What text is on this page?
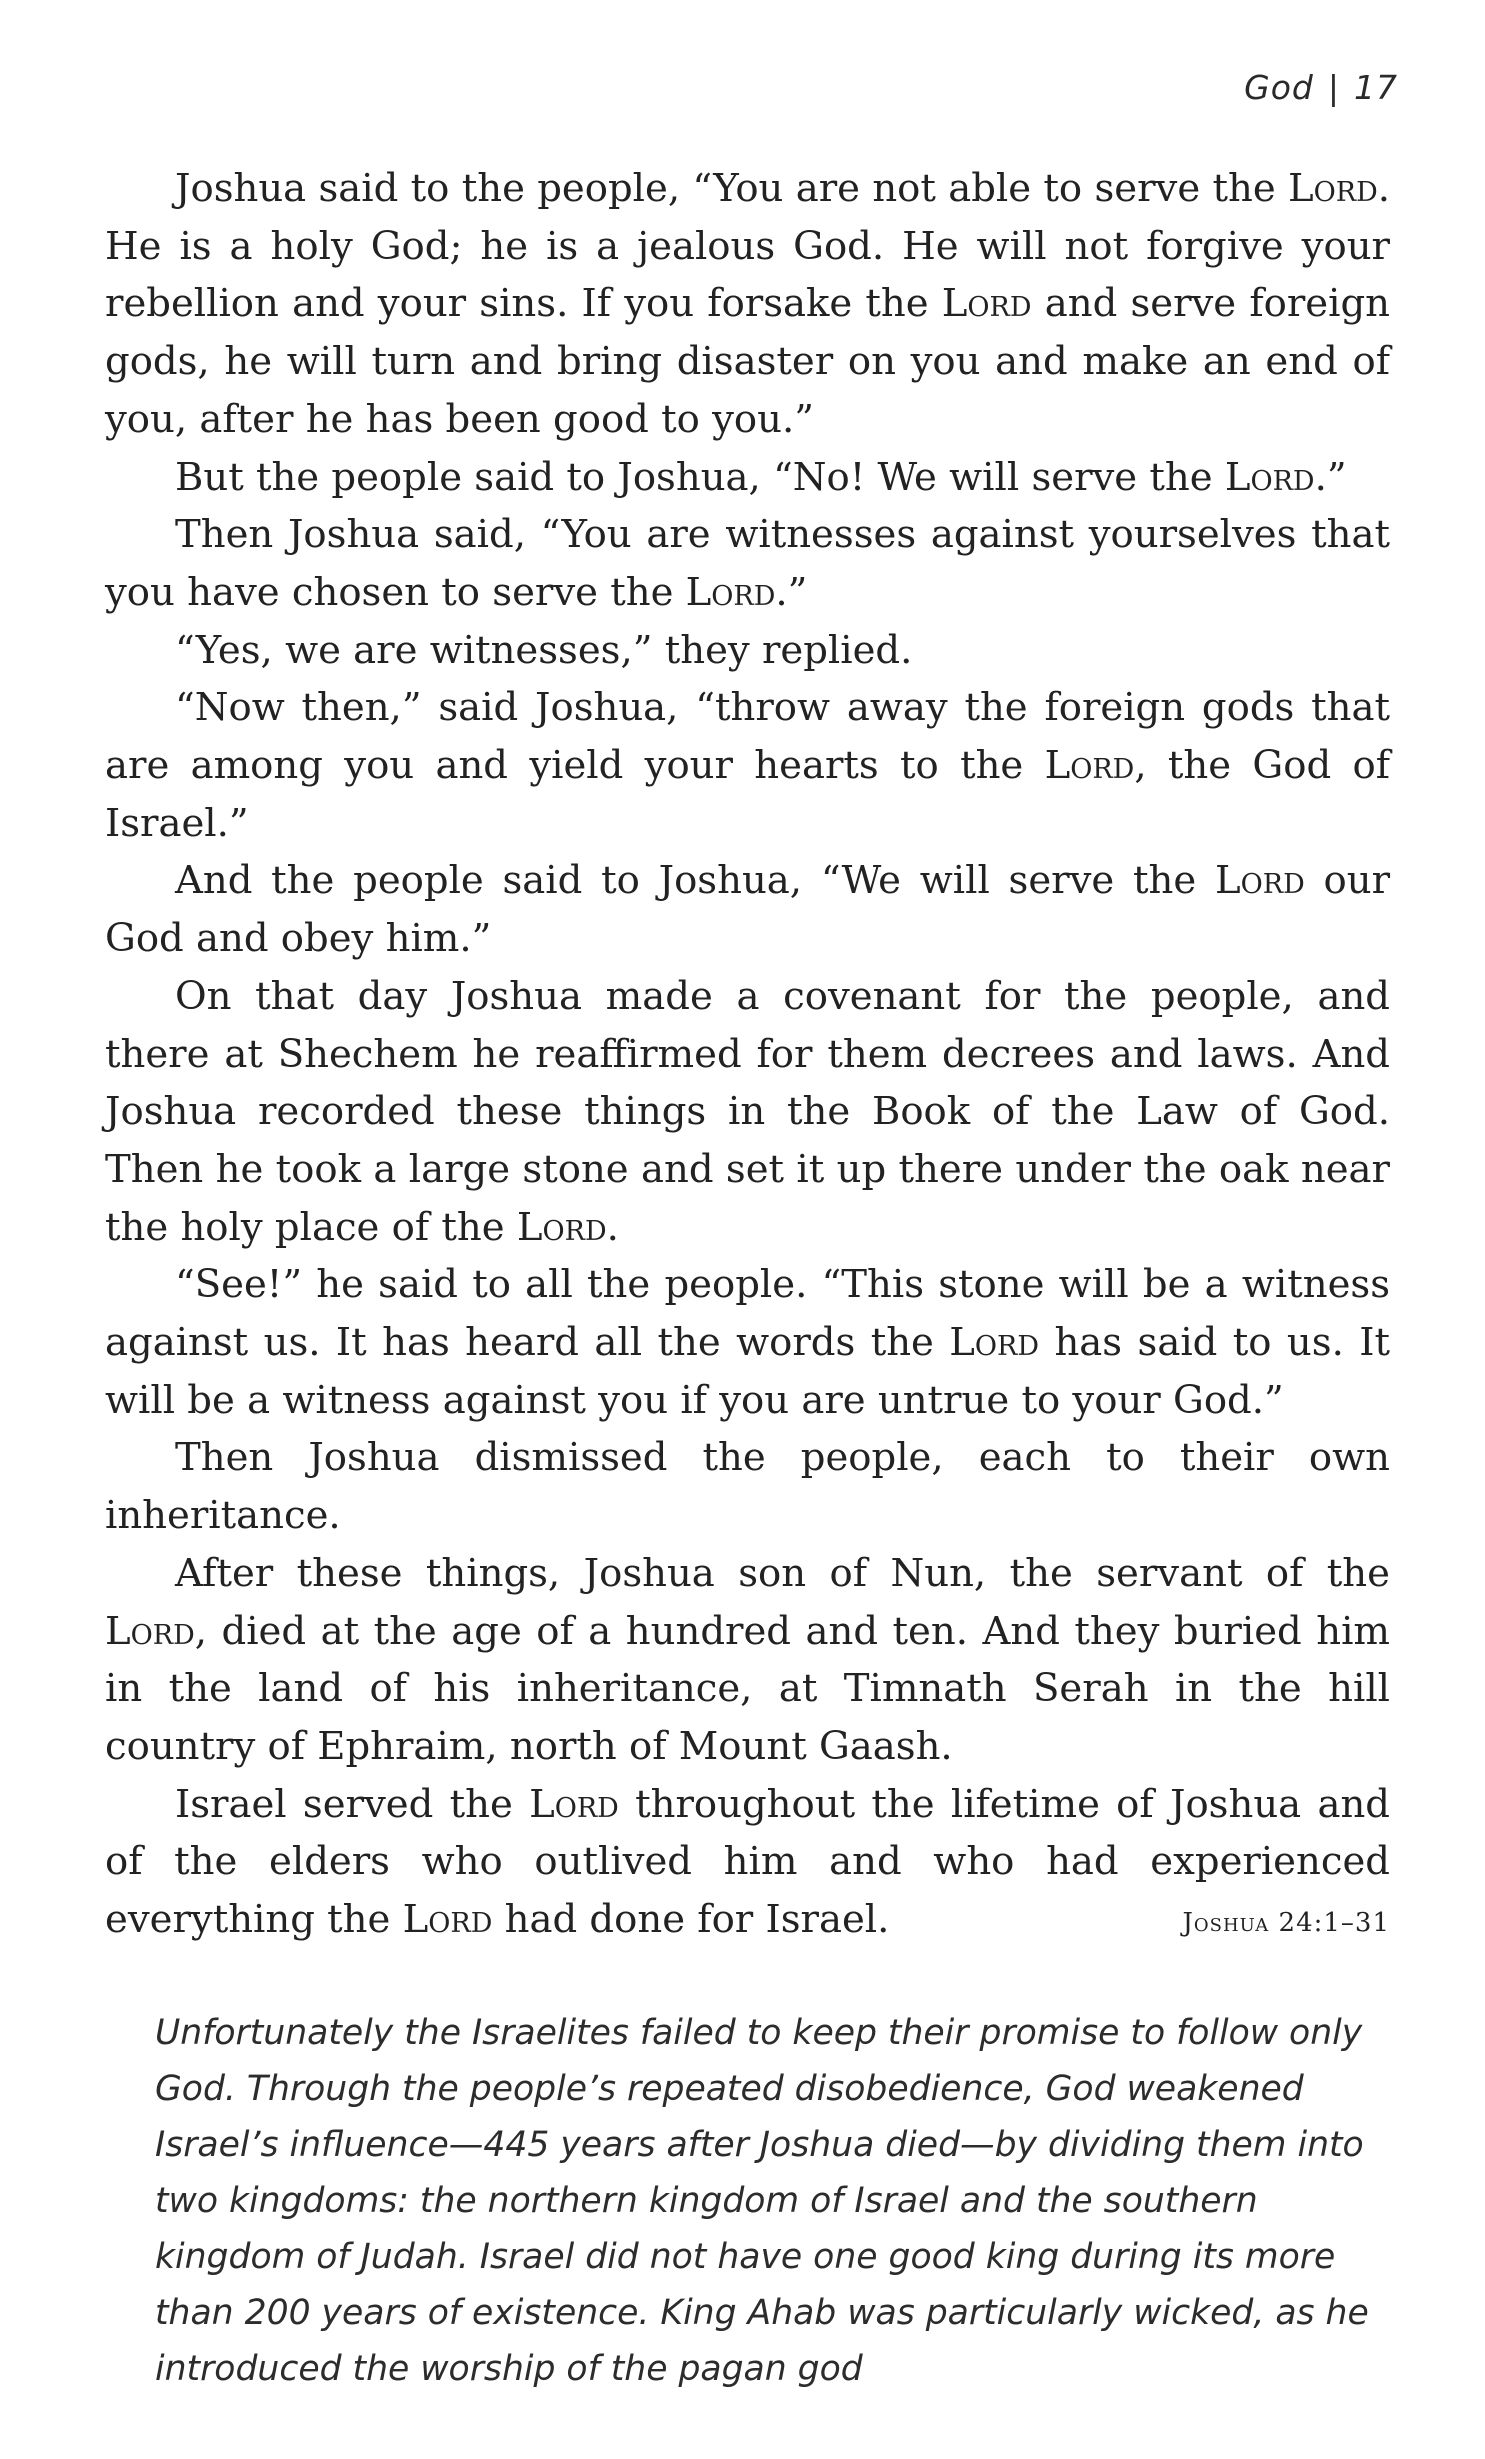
God | 17

Joshua said to the people, “You are not able to serve the Lord. He is a holy God; he is a jealous God. He will not forgive your rebellion and your sins. If you forsake the Lord and serve foreign gods, he will turn and bring disaster on you and make an end of you, after he has been good to you.”

But the people said to Joshua, “No! We will serve the Lord.”

Then Joshua said, “You are witnesses against yourselves that you have chosen to serve the Lord.”

“Yes, we are witnesses,” they replied.

“Now then,” said Joshua, “throw away the foreign gods that are among you and yield your hearts to the Lord, the God of Israel.”

And the people said to Joshua, “We will serve the Lord our God and obey him.”

On that day Joshua made a covenant for the people, and there at Shechem he reaffirmed for them decrees and laws. And Joshua recorded these things in the Book of the Law of God. Then he took a large stone and set it up there under the oak near the holy place of the Lord.

“See!” he said to all the people. “This stone will be a witness against us. It has heard all the words the Lord has said to us. It will be a witness against you if you are untrue to your God.”

Then Joshua dismissed the people, each to their own inheritance.

After these things, Joshua son of Nun, the servant of the Lord, died at the age of a hundred and ten. And they buried him in the land of his inheritance, at Timnath Serah in the hill country of Ephraim, north of Mount Gaash.

Israel served the Lord throughout the lifetime of Joshua and of the elders who outlived him and who had experienced everything the Lord had done for Israel.	Joshua 24:1–31

Unfortunately the Israelites failed to keep their promise to follow only God. Through the people’s repeated disobedience, God weakened Israel’s influence—445 years after Joshua died—by dividing them into two kingdoms: the northern kingdom of Israel and the southern kingdom of Judah. Israel did not have one good king during its more than 200 years of existence. King Ahab was particularly wicked, as he introduced the worship of the pagan god
